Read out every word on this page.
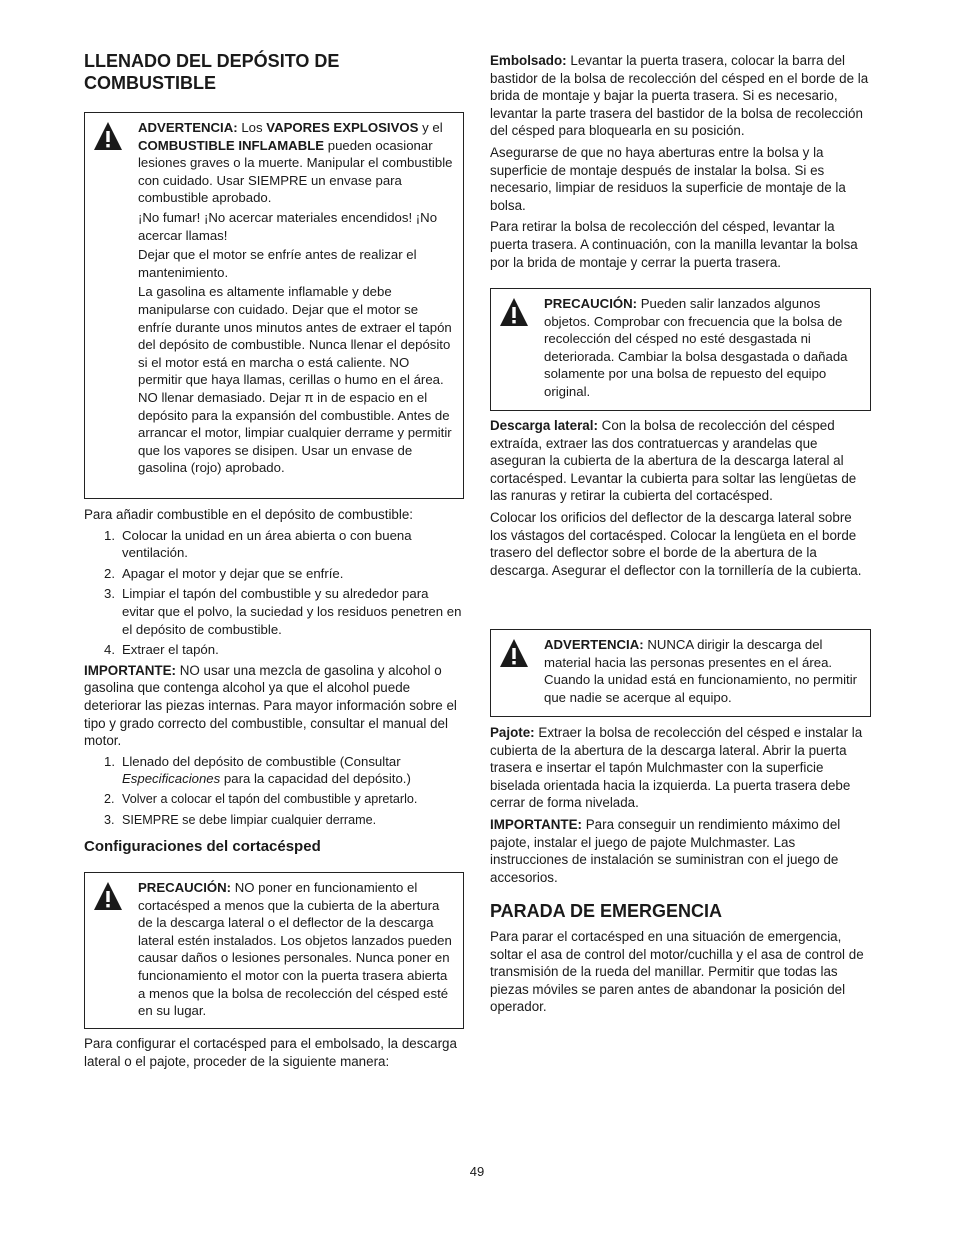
LLENADO DEL DEPÓSITO DE
COMBUSTIBLE

ADVERTENCIA: Los VAPORES EXPLOSIVOS y el COMBUSTIBLE INFLAMABLE pueden ocasionar lesiones graves o la muerte. Manipular el combustible con cuidado. Usar SIEMPRE un envase para combustible aprobado.

¡No fumar! ¡No acercar materiales encendidos! ¡No acercar llamas!

Dejar que el motor se enfríe antes de realizar el mantenimiento.

La gasolina es altamente inflamable y debe manipularse con cuidado. Dejar que el motor se enfríe durante unos minutos antes de extraer el tapón del depósito de combustible. Nunca llenar el depósito si el motor está en marcha o está caliente. NO permitir que haya llamas, cerillas o humo en el área. NO llenar demasiado. Dejar π in de espacio en el depósito para la expansión del combustible. Antes de arrancar el motor, limpiar cualquier derrame y permitir que los vapores se disipen. Usar un envase de gasolina (rojo) aprobado.

Para añadir combustible en el depósito de combustible:

1. Colocar la unidad en un área abierta o con buena ventilación.
2. Apagar el motor y dejar que se enfríe.
3. Limpiar el tapón del combustible y su alrededor para evitar que el polvo, la suciedad y los residuos penetren en el depósito de combustible.
4. Extraer el tapón.

IMPORTANTE: NO usar una mezcla de gasolina y alcohol o gasolina que contenga alcohol ya que el alcohol puede deteriorar las piezas internas. Para mayor información sobre el tipo y grado correcto del combustible, consultar el manual del motor.

1. Llenado del depósito de combustible (Consultar Especificaciones para la capacidad del depósito.)
2. Volver a colocar el tapón del combustible y apretarlo.
3. SIEMPRE se debe limpiar cualquier derrame.
Configuraciones del cortacésped

PRECAUCIÓN: NO poner en funcionamiento el cortacésped a menos que la cubierta de la abertura de la descarga lateral o el deflector de la descarga lateral estén instalados. Los objetos lanzados pueden causar daños o lesiones personales. Nunca poner en funcionamiento el motor con la puerta trasera abierta a menos que la bolsa de recolección del césped esté en su lugar.

Para configurar el cortacésped para el embolsado, la descarga lateral o el pajote, proceder de la siguiente manera:

Embolsado: Levantar la puerta trasera, colocar la barra del bastidor de la bolsa de recolección del césped en el borde de la brida de montaje y bajar la puerta trasera. Si es necesario, levantar la parte trasera del bastidor de la bolsa de recolección del césped para bloquearla en su posición.

Asegurarse de que no haya aberturas entre la bolsa y la superficie de montaje después de instalar la bolsa. Si es necesario, limpiar de residuos la superficie de montaje de la bolsa.

Para retirar la bolsa de recolección del césped, levantar la puerta trasera. A continuación, con la manilla levantar la bolsa por la brida de montaje y cerrar la puerta trasera.

PRECAUCIÓN: Pueden salir lanzados algunos objetos. Comprobar con frecuencia que la bolsa de recolección del césped no esté desgastada ni deteriorada. Cambiar la bolsa desgastada o dañada solamente por una bolsa de repuesto del equipo original.

Descarga lateral: Con la bolsa de recolección del césped extraída, extraer las dos contratuercas y arandelas que aseguran la cubierta de la abertura de la descarga lateral al cortacésped. Levantar la cubierta para soltar las lengüetas de las ranuras y retirar la cubierta del cortacésped.

Colocar los orificios del deflector de la descarga lateral sobre los vástagos del cortacésped. Colocar la lengüeta en el borde trasero del deflector sobre el borde de la abertura de la descarga. Asegurar el deflector con la tornillería de la cubierta.

ADVERTENCIA: NUNCA dirigir la descarga del material hacia las personas presentes en el área. Cuando la unidad está en funcionamiento, no permitir que nadie se acerque al equipo.

Pajote: Extraer la bolsa de recolección del césped e instalar la cubierta de la abertura de la descarga lateral. Abrir la puerta trasera e insertar el tapón Mulchmaster con la superficie biselada orientada hacia la izquierda. La puerta trasera debe cerrar de forma nivelada.

IMPORTANTE: Para conseguir un rendimiento máximo del pajote, instalar el juego de pajote Mulchmaster. Las instrucciones de instalación se suministran con el juego de accesorios.

PARADA DE EMERGENCIA

Para parar el cortacésped en una situación de emergencia, soltar el asa de control del motor/cuchilla y el asa de control de transmisión de la rueda del manillar. Permitir que todas las piezas móviles se paren antes de abandonar la posición del operador.

49
